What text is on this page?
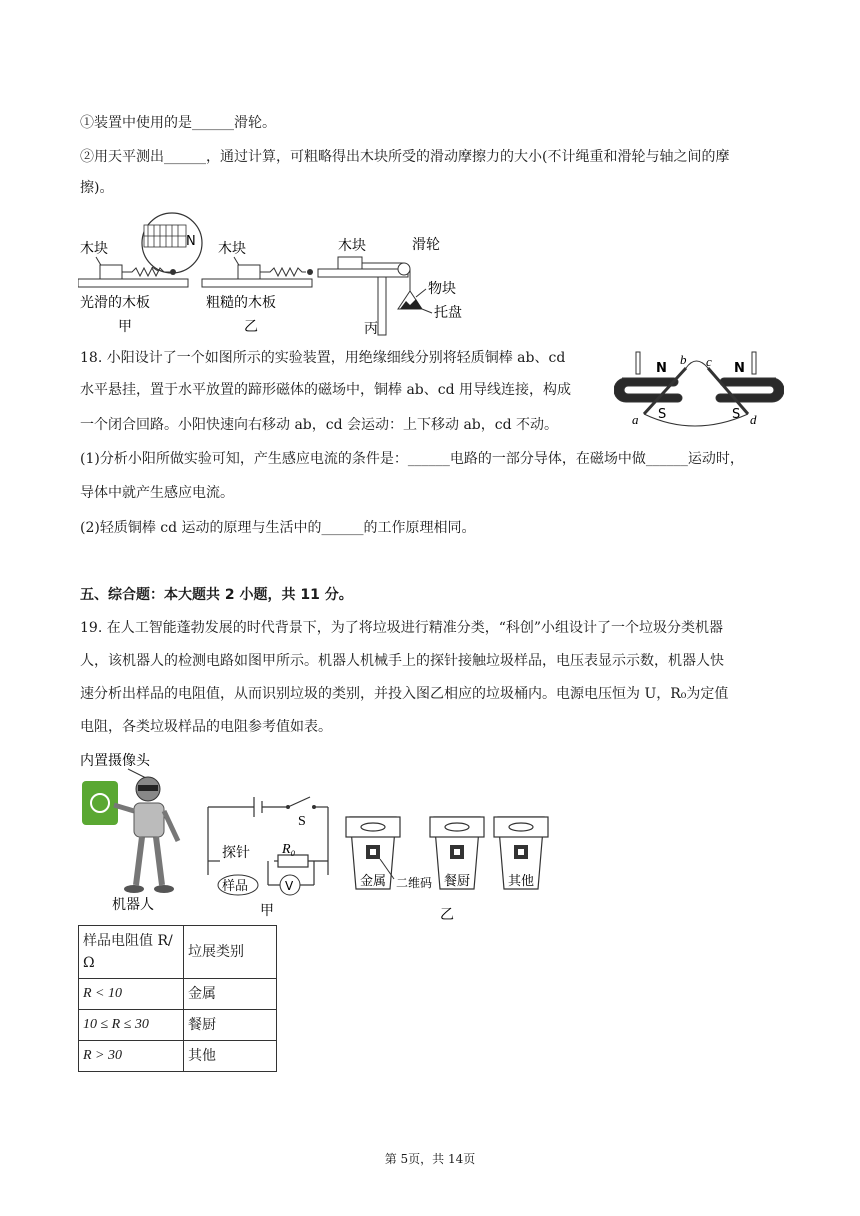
①装置中使用的是______滑轮。
②用天平测出______，通过计算，可粗略得出木块所受的滑动摩擦力的大小(不计绳重和滑轮与轴之间的摩
擦)。
N
木块
光滑的木板
甲
木块
粗糙的木板
乙
木块	滑轮
物块
托盘
丙
18. 小阳设计了一个如图所示的实验装置，用绝缘细线分别将轻质铜棒 ab、cd
水平悬挂，置于水平放置的蹄形磁体的磁场中，铜棒 ab、cd 用导线连接，构成
一个闭合回路。小阳快速向右移动 ab，cd 会运动：上下移动 ab，cd 不动。
(1)分析小阳所做实验可知，产生感应电流的条件是：______电路的一部分导体，在磁场中做______运动时，
导体中就产生感应电流。
(2)轻质铜棒 cd 运动的原理与生活中的______的工作原理相同。
N	N
S	S
b c
a	d
五、综合题：本大题共 2 小题，共 11 分。
19. 在人工智能蓬勃发展的时代背景下，为了将垃圾进行精准分类，“科创”小组设计了一个垃圾分类机器
人，该机器人的检测电路如图甲所示。机器人机械手上的探针接触垃圾样品，电压表显示示数，机器人快
速分析出样品的电阻值，从而识别垃圾的类别，并投入图乙相应的垃圾桶内。电源电压恒为 U，R₀为定值
电阻，各类垃圾样品的电阻参考值如表。
内置摄像头
机器人
S
探针 R₀
样品	V
甲
金属 二维码 餐厨	其他
乙
样品电阻值 R/Ω	垃展类别
R < 10	金属
10 ≤ R ≤ 30	餐厨
R > 30	其他
第 5页，共 14页
